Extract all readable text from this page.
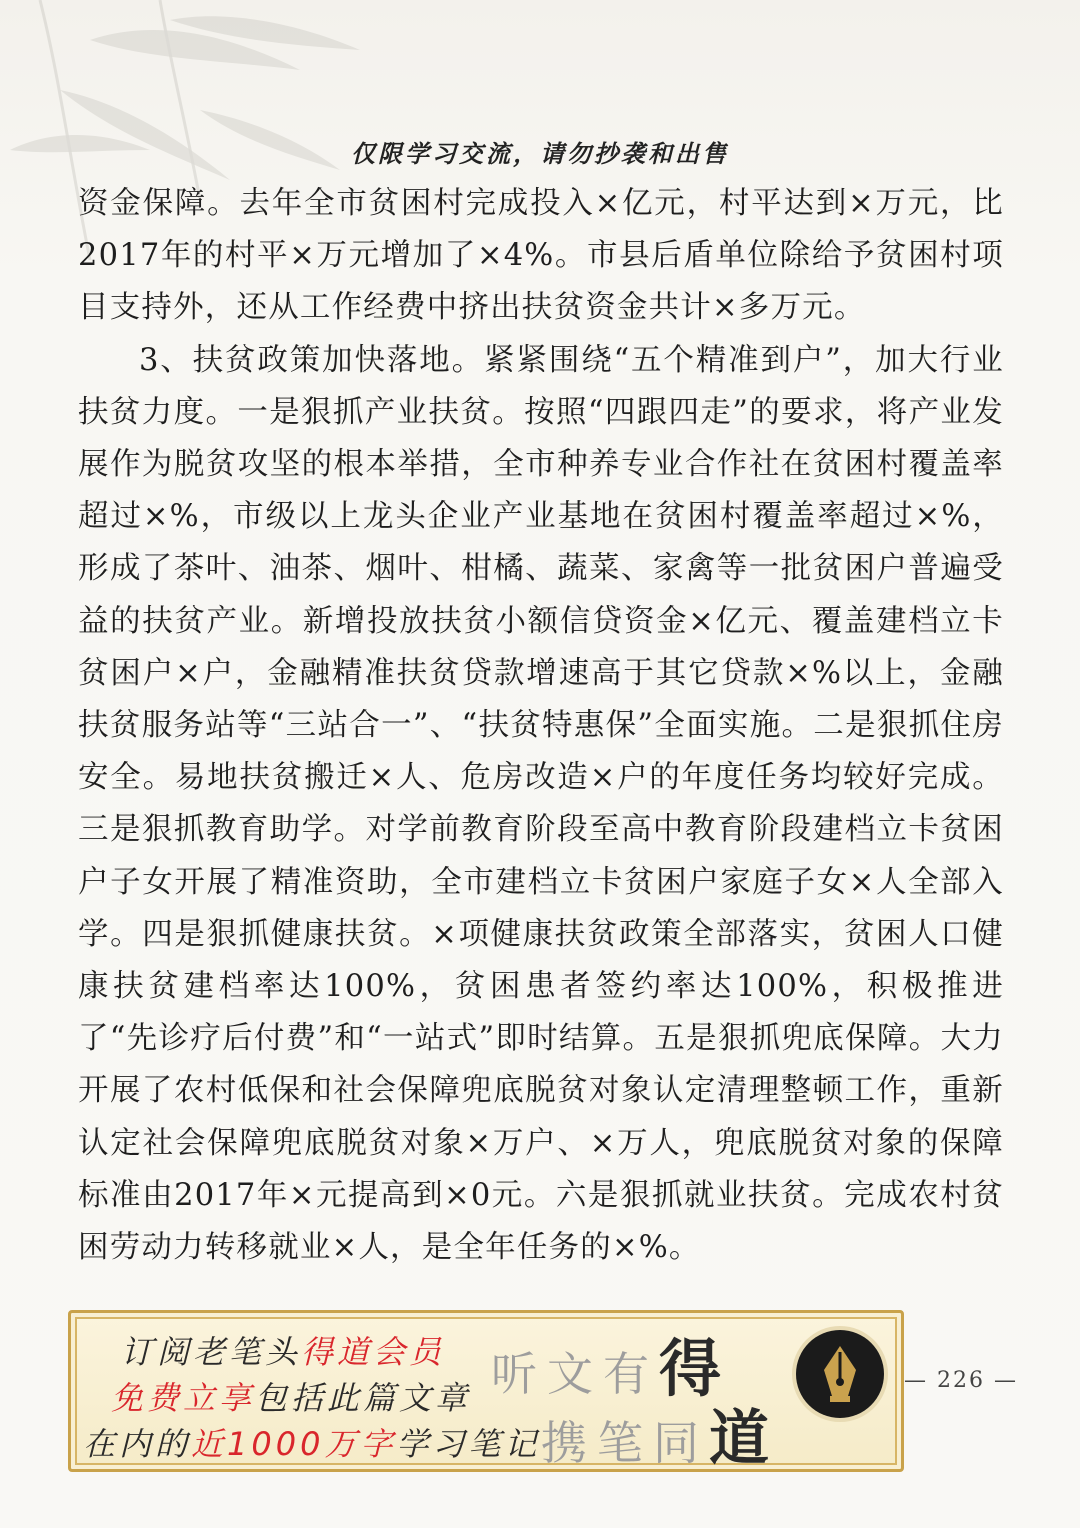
仅限学习交流，请勿抄袭和出售

资金保障。去年全市贫困村完成投入×亿元，村平达到×万元，比2017年的村平×万元增加了×4%。市县后盾单位除给予贫困村项目支持外，还从工作经费中挤出扶贫资金共计×多万元。

3、扶贫政策加快落地。紧紧围绕“五个精准到户”，加大行业扶贫力度。一是狠抓产业扶贫。按照“四跟四走”的要求，将产业发展作为脱贫攻坚的根本举措，全市种养专业合作社在贫困村覆盖率超过×%，市级以上龙头企业产业基地在贫困村覆盖率超过×%，形成了茶叶、油茶、烟叶、柑橘、蔬菜、家禽等一批贫困户普遍受益的扶贫产业。新增投放扶贫小额信贷资金×亿元、覆盖建档立卡贫困户×户，金融精准扶贫贷款增速高于其它贷款×%以上，金融扶贫服务站等“三站合一”、“扶贫特惠保”全面实施。二是狠抓住房安全。易地扶贫搬迁×人、危房改造×户的年度任务均较好完成。三是狠抓教育助学。对学前教育阶段至高中教育阶段建档立卡贫困户子女开展了精准资助，全市建档立卡贫困户家庭子女×人全部入学。四是狠抓健康扶贫。×项健康扶贫政策全部落实，贫困人口健康扶贫建档率达100%，贫困患者签约率达100%，积极推进了“先诊疗后付费”和“一站式”即时结算。五是狠抓兜底保障。大力开展了农村低保和社会保障兜底脱贫对象认定清理整顿工作，重新认定社会保障兜底脱贫对象×万户、×万人，兜底脱贫对象的保障标准由2017年×元提高到×0元。六是狠抓就业扶贫。完成农村贫困劳动力转移就业×人，是全年任务的×%。

订阅老笔头得道会员
免费立享包括此篇文章
在内的近1000万字学习笔记
听文有得
携笔同道
— 226 —
